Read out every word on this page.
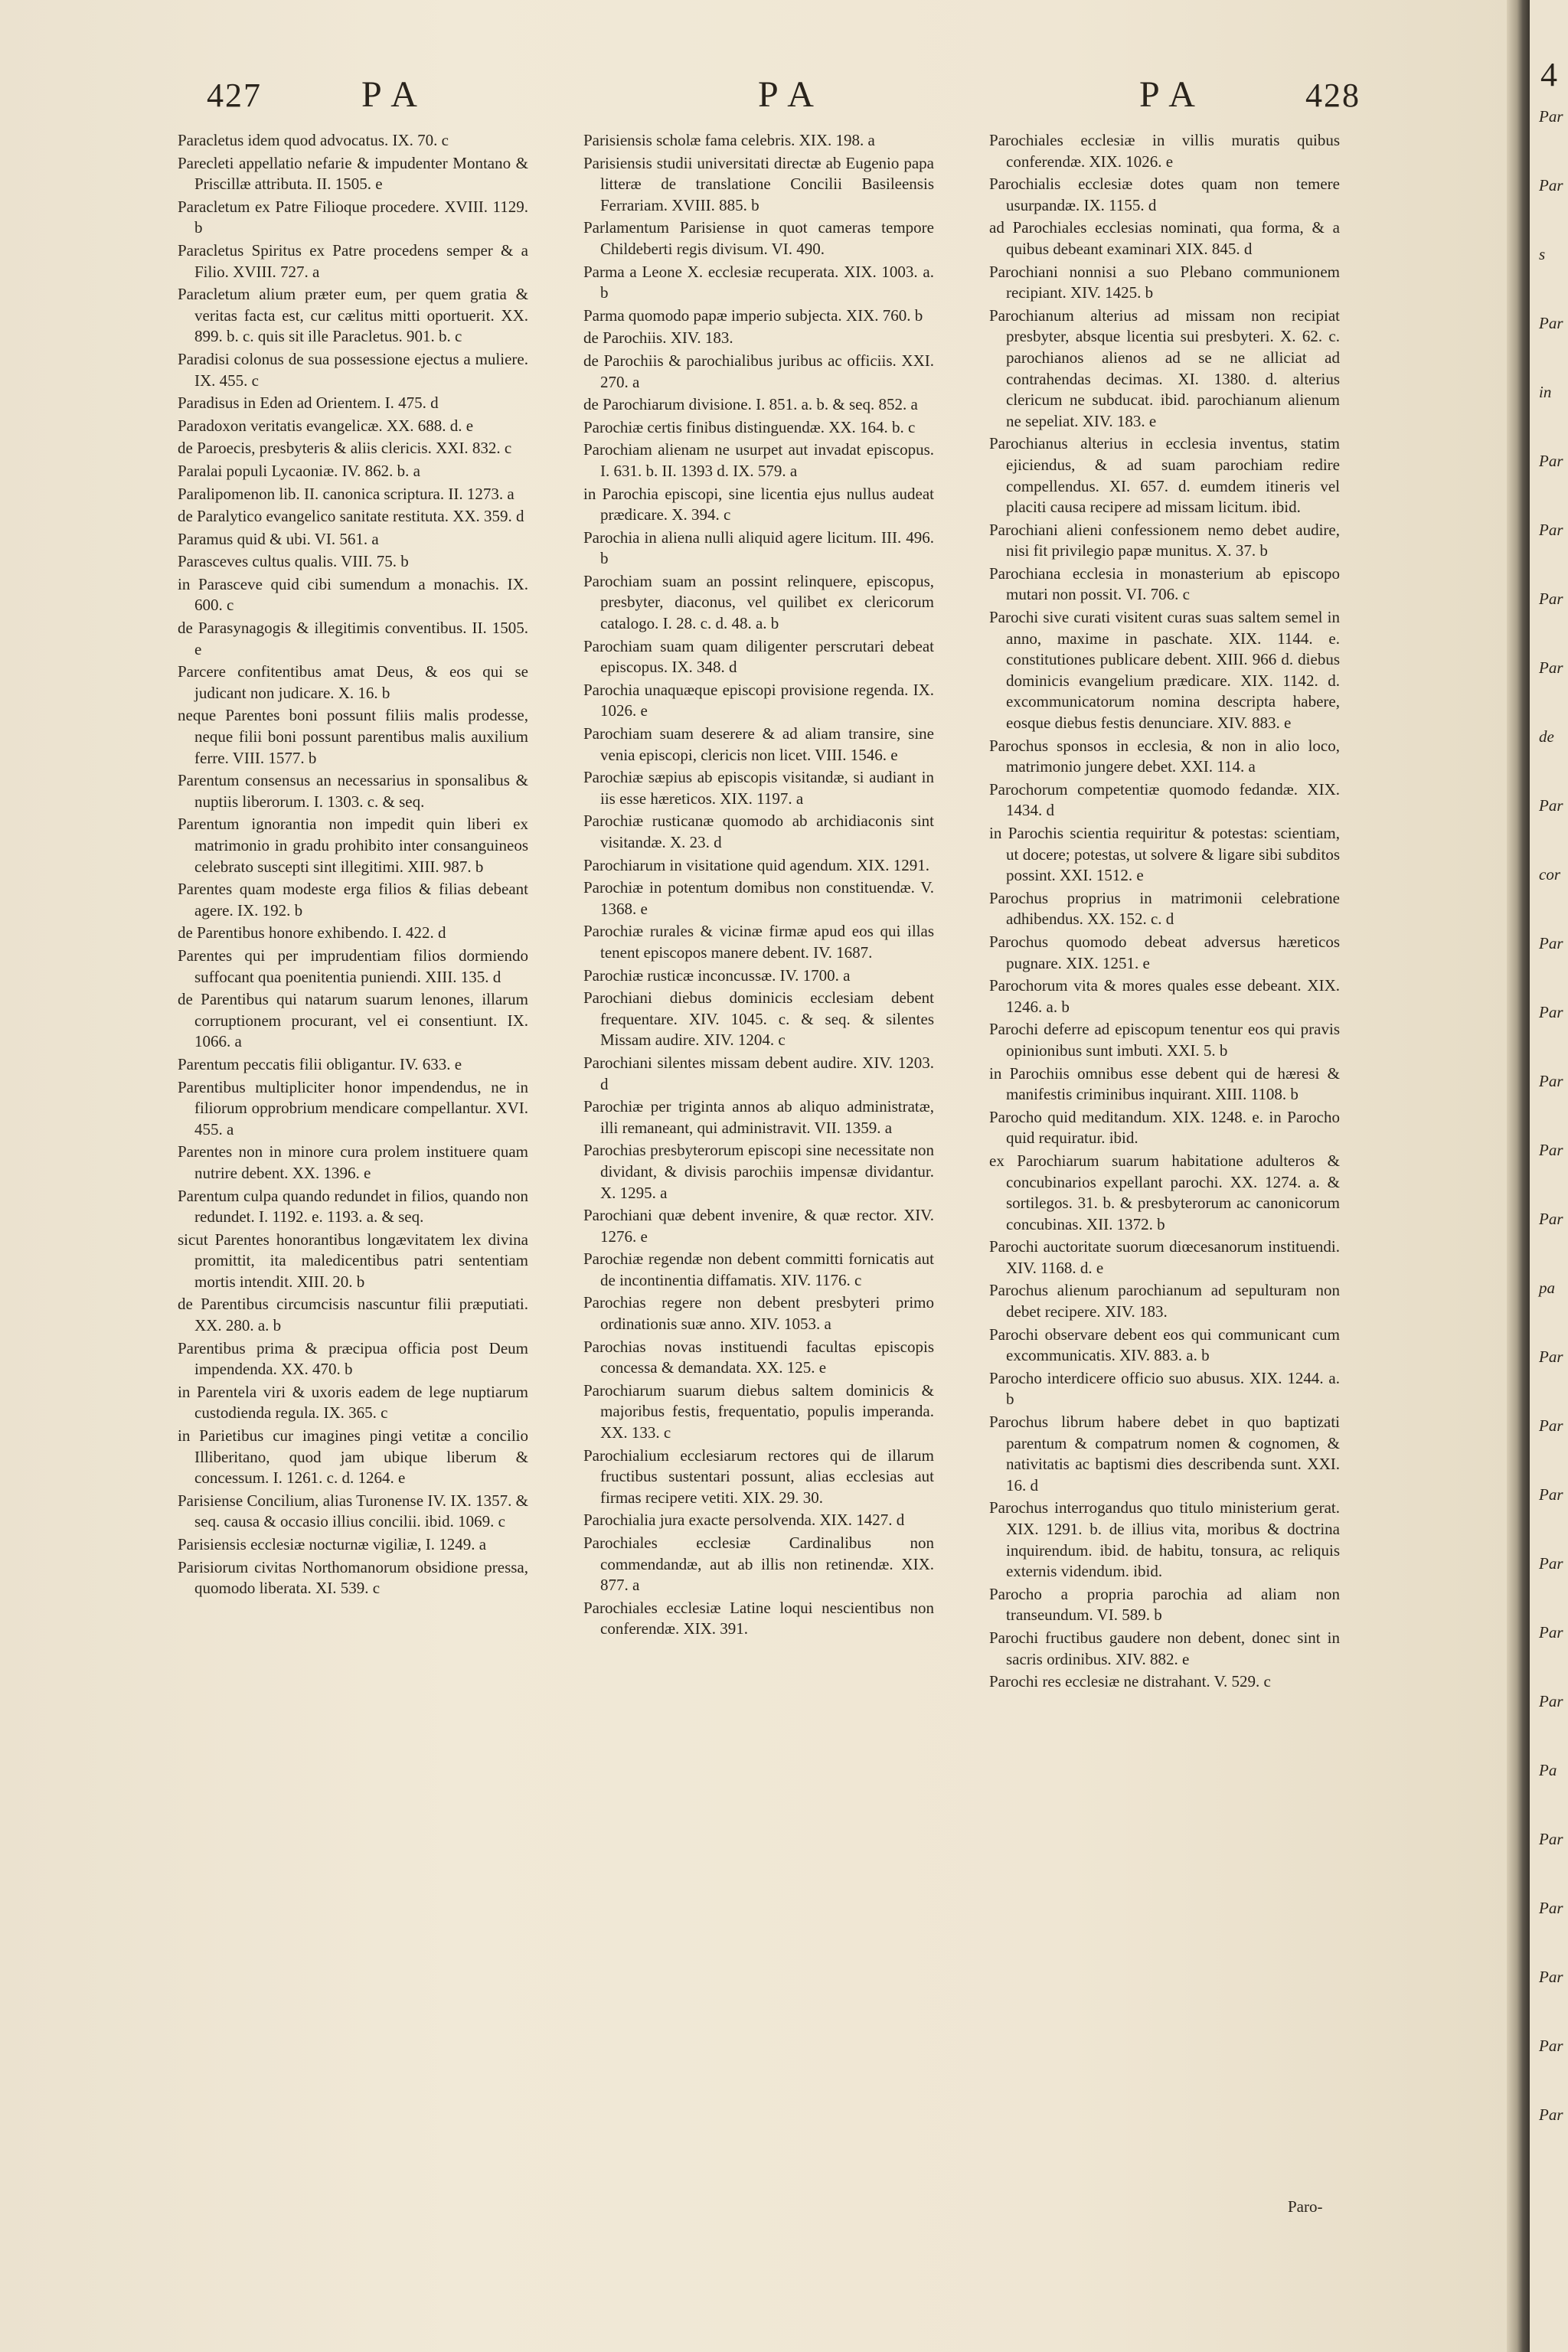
427	P A	P A	P A	428
Paracletus idem quod advocatus. IX. 70. c
Parecleti appellatio nefarie & impudenter Montano & Priscillæ attributa. II. 1505. e
Paracletum ex Patre Filioque procedere. XVIII. 1129. b
Paracletus Spiritus ex Patre procedens semper & a Filio. XVIII. 727. a
Paracletum alium præter eum, per quem gratia & veritas facta est, cur cælitus mitti oportuerit. XX. 899. b. c. quis sit ille Paracletus. 901. b. c
Paradisi colonus de sua possessione ejectus a muliere. IX. 455. c
Paradisus in Eden ad Orientem. I. 475. d
Paradoxon veritatis evangelicæ. XX. 688. d. e
de Paroecis, presbyteris & aliis clericis. XXI. 832. c
Paralai populi Lycaoniæ. IV. 862. b. a
Paralipomenon lib. II. canonica scriptura. II. 1273. a
de Paralytico evangelico sanitate restituta. XX. 359. d
Paramus quid & ubi. VI. 561. a
Parasceves cultus qualis. VIII. 75. b
in Parasceve quid cibi sumendum a monachis. IX. 600. c
de Parasynagogis & illegitimis conventibus. II. 1505. e
Parcere confitentibus amat Deus, & eos qui se judicant non judicare. X. 16. b
neque Parentes boni possunt filiis malis prodesse, neque filii boni possunt parentibus malis auxilium ferre. VIII. 1577. b
Parentum consensus an necessarius in sponsalibus & nuptiis liberorum. I. 1303. c. & seq.
Parentum ignorantia non impedit quin liberi ex matrimonio in gradu prohibito inter consanguineos celebrato suscepti sint illegitimi. XIII. 987. b
Parentes quam modeste erga filios & filias debeant agere. IX. 192. b
de Parentibus honore exhibendo. I. 422. d
Parentes qui per imprudentiam filios dormiendo suffocant qua poenitentia puniendi. XIII. 135. d
de Parentibus qui natarum suarum lenones, illarum corruptionem procurant, vel ei consentiunt. IX. 1066. a
Parentum peccatis filii obligantur. IV. 633. e
Parentibus multipliciter honor impendendus, ne in filiorum opprobrium mendicare compellantur. XVI. 455. a
Parentes non in minore cura prolem instituere quam nutrire debent. XX. 1396. e
Parentum culpa quando redundet in filios, quando non redundet. I. 1192. e. 1193. a. & seq.
sicut Parentes honorantibus longævitatem lex divina promittit, ita maledicentibus patri sententiam mortis intendit. XIII. 20. b
de Parentibus circumcisis nascuntur filii præputiati. XX. 280. a. b
Parentibus prima & præcipua officia post Deum impendenda. XX. 470. b
in Parentela viri & uxoris eadem de lege nuptiarum custodienda regula. IX. 365. c
in Parietibus cur imagines pingi vetitæ a concilio Illiberitano, quod jam ubique liberum & concessum. I. 1261. c. d. 1264. e
Parisiense Concilium, alias Turonense IV. IX. 1357. & seq. causa & occasio illius concilii. ibid. 1069. c
Parisiensis ecclesiæ nocturnæ vigiliæ, I. 1249. a
Parisiorum civitas Northomanorum obsidione pressa, quomodo liberata. XI. 539. c
Parisiensis scholæ fama celebris. XIX. 198. a
Parisiensis studii universitati directæ ab Eugenio papa litteræ de translatione Concilii Basileensis Ferrariam. XVIII. 885. b
Parlamentum Parisiense in quot cameras tempore Childeberti regis divisum. VI. 490.
Parma a Leone X. ecclesiæ recuperata. XIX. 1003. a. b
Parma quomodo papæ imperio subjecta. XIX. 760. b
de Parochiis. XIV. 183.
de Parochiis & parochialibus juribus ac officiis. XXI. 270. a
de Parochiarum divisione. I. 851. a. b. & seq. 852. a
Parochiæ certis finibus distinguendæ. XX. 164. b. c
Parochiam alienam ne usurpet aut invadat episcopus. I. 631. b. II. 1393 d. IX. 579. a
in Parochia episcopi, sine licentia ejus nullus audeat prædicare. X. 394. c
Parochia in aliena nulli aliquid agere licitum. III. 496. b
Parochiam suam an possint relinquere, episcopus, presbyter, diaconus, vel quilibet ex clericorum catalogo. I. 28. c. d. 48. a. b
Parochiam suam quam diligenter perscrutari debeat episcopus. IX. 348. d
Parochia unaquæque episcopi provisione regenda. IX. 1026. e
Parochiam suam deserere & ad aliam transire, sine venia episcopi, clericis non licet. VIII. 1546. e
Parochiæ sæpius ab episcopis visitandæ, si audiant in iis esse hæreticos. XIX. 1197. a
Parochiæ rusticanæ quomodo ab archidiaconis sint visitandæ. X. 23. d
Parochiarum in visitatione quid agendum. XIX. 1291.
Parochiæ in potentum domibus non constituendæ. V. 1368. e
Parochiæ rurales & vicinæ firmæ apud eos qui illas tenent episcopos manere debent. IV. 1687.
Parochiæ rusticæ inconcussæ. IV. 1700. a
Parochiani diebus dominicis ecclesiam debent frequentare. XIV. 1045. c. & seq. & silentes Missam audire. XIV. 1204. c
Parochiani silentes missam debent audire. XIV. 1203. d
Parochiæ per triginta annos ab aliquo administratæ, illi remaneant, qui administravit. VII. 1359. a
Parochias presbyterorum episcopi sine necessitate non dividant, & divisis parochiis impensæ dividantur. X. 1295. a
Parochiani quæ debent invenire, & quæ rector. XIV. 1276. e
Parochiæ regendæ non debent committi fornicatis aut de incontinentia diffamatis. XIV. 1176. c
Parochias regere non debent presbyteri primo ordinationis suæ anno. XIV. 1053. a
Parochias novas instituendi facultas episcopis concessa & demandata. XX. 125. e
Parochiarum suarum diebus saltem dominicis & majoribus festis, frequentatio, populis imperanda. XX. 133. c
Parochialium ecclesiarum rectores qui de illarum fructibus sustentari possunt, alias ecclesias aut firmas recipere vetiti. XIX. 29. 30.
Parochialia jura exacte persolvenda. XIX. 1427. d
Parochiales ecclesiæ Cardinalibus non commendandæ, aut ab illis non retinendæ. XIX. 877. a
Parochiales ecclesiæ Latine loqui nescientibus non conferendæ. XIX. 391.
Parochiales ecclesiæ in villis muratis quibus conferendæ. XIX. 1026. e
Parochialis ecclesiæ dotes quam non temere usurpandæ. IX. 1155. d
ad Parochiales ecclesias nominati, qua forma, & a quibus debeant examinari XIX. 845. d
Parochiani nonnisi a suo Plebano communionem recipiant. XIV. 1425. b
Parochianum alterius ad missam non recipiat presbyter, absque licentia sui presbyteri. X. 62. c. parochianos alienos ad se ne alliciat ad contrahendas decimas. XI. 1380. d. alterius clericum ne subducat. ibid. parochianum alienum ne sepeliat. XIV. 183. e
Parochianus alterius in ecclesia inventus, statim ejiciendus, & ad suam parochiam redire compellendus. XI. 657. d. eumdem itineris vel placiti causa recipere ad missam licitum. ibid.
Parochiani alieni confessionem nemo debet audire, nisi fit privilegio papæ munitus. X. 37. b
Parochiana ecclesia in monasterium ab episcopo mutari non possit. VI. 706. c
Parochi sive curati visitent curas suas saltem semel in anno, maxime in paschate. XIX. 1144. e. constitutiones publicare debent. XIII. 966 d. diebus dominicis evangelium prædicare. XIX. 1142. d. excommunicatorum nomina descripta habere, eosque diebus festis denunciare. XIV. 883. e
Parochus sponsos in ecclesia, & non in alio loco, matrimonio jungere debet. XXI. 114. a
Parochorum competentiæ quomodo fedandæ. XIX. 1434. d
in Parochis scientia requiritur & potestas: scientiam, ut docere; potestas, ut solvere & ligare sibi subditos possint. XXI. 1512. e
Parochus proprius in matrimonii celebratione adhibendus. XX. 152. c. d
Parochus quomodo debeat adversus hæreticos pugnare. XIX. 1251. e
Parochorum vita & mores quales esse debeant. XIX. 1246. a. b
Parochi deferre ad episcopum tenentur eos qui pravis opinionibus sunt imbuti. XXI. 5. b
in Parochiis omnibus esse debent qui de hæresi & manifestis criminibus inquirant. XIII. 1108. b
Parocho quid meditandum. XIX. 1248. e. in Parocho quid requiratur. ibid.
ex Parochiarum suarum habitatione adulteros & concubinarios expellant parochi. XX. 1274. a. & sortilegos. 31. b. & presbyterorum ac canonicorum concubinas. XII. 1372. b
Parochi auctoritate suorum diœcesanorum instituendi. XIV. 1168. d. e
Parochus alienum parochianum ad sepulturam non debet recipere. XIV. 183.
Parochi observare debent eos qui communicant cum excommunicatis. XIV. 883. a. b
Parocho interdicere officio suo abusus. XIX. 1244. a. b
Parochus librum habere debet in quo baptizati parentum & compatrum nomen & cognomen, & nativitatis ac baptismi dies describenda sunt. XXI. 16. d
Parochus interrogandus quo titulo ministerium gerat. XIX. 1291. b. de illius vita, moribus & doctrina inquirendum. ibid. de habitu, tonsura, ac reliquis externis videndum. ibid.
Parocho a propria parochia ad aliam non transeundum. VI. 589. b
Parochi fructibus gaudere non debent, donec sint in sacris ordinibus. XIV. 882. e
Parochi res ecclesiæ ne distrahant. V. 529. c
Paro-
4
Par
Par
s
Par
in
Par
Par
Par
Par
de
Par
cor
Par
Par
Par
Par
Par
pa
Par
Par
Par
Par
Par
Par
Pa
Par
Par
Par
Par
Par
